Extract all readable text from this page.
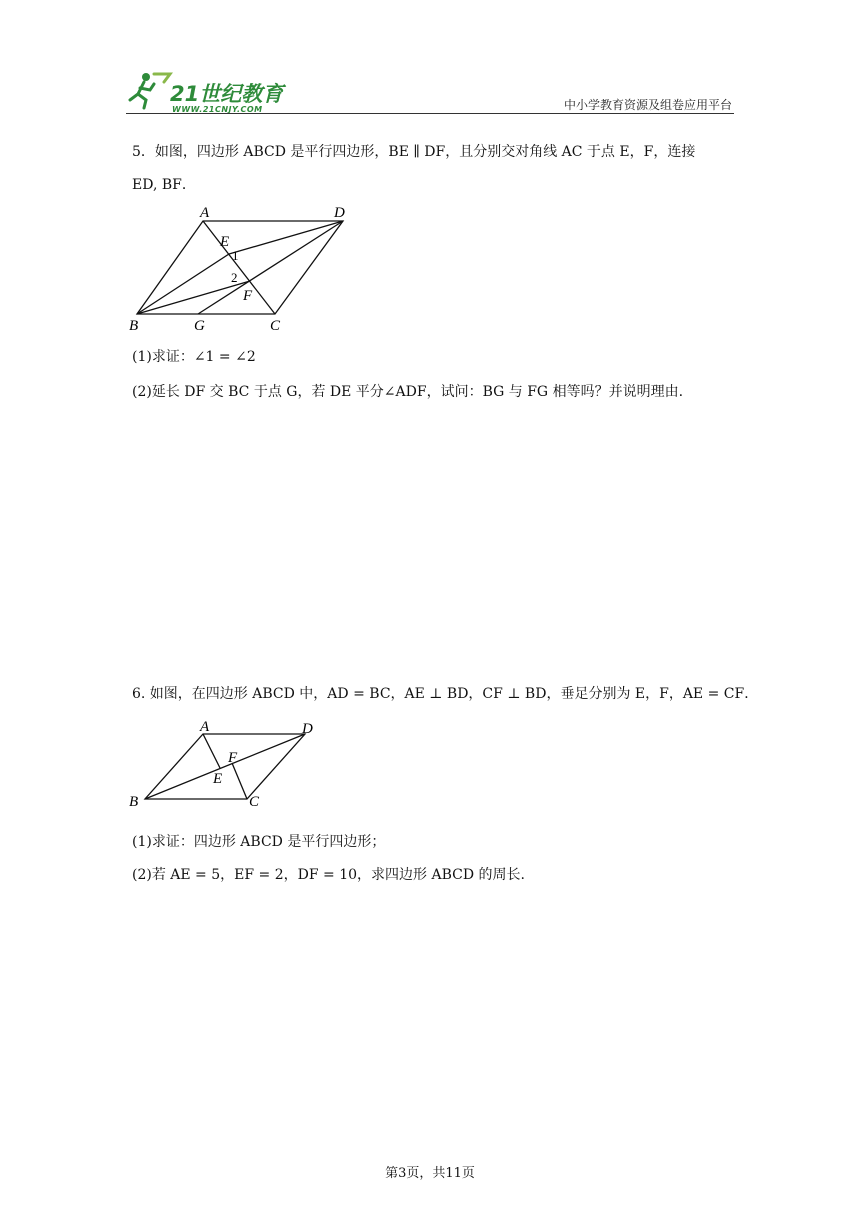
21世纪教育
WWW.21CNJY.COM	中小学教育资源及组卷应用平台
5．如图，四边形 ABCD 是平行四边形，BE ∥ DF，且分别交对角线 AC 于点 E，F，连接
ED, BF．
A	D
E
1
2
F
B	G	C
A	D
F
E
B	C
(1)求证：∠1 = ∠2
(2)延长 DF 交 BC 于点 G，若 DE 平分∠ADF，试问：BG 与 FG 相等吗？并说明理由.
6. 如图，在四边形 ABCD 中，AD = BC，AE ⊥ BD，CF ⊥ BD，垂足分别为 E，F，AE = CF．
(1)求证：四边形 ABCD 是平行四边形；
(2)若 AE = 5，EF = 2，DF = 10，求四边形 ABCD 的周长.
第3页，共11页
